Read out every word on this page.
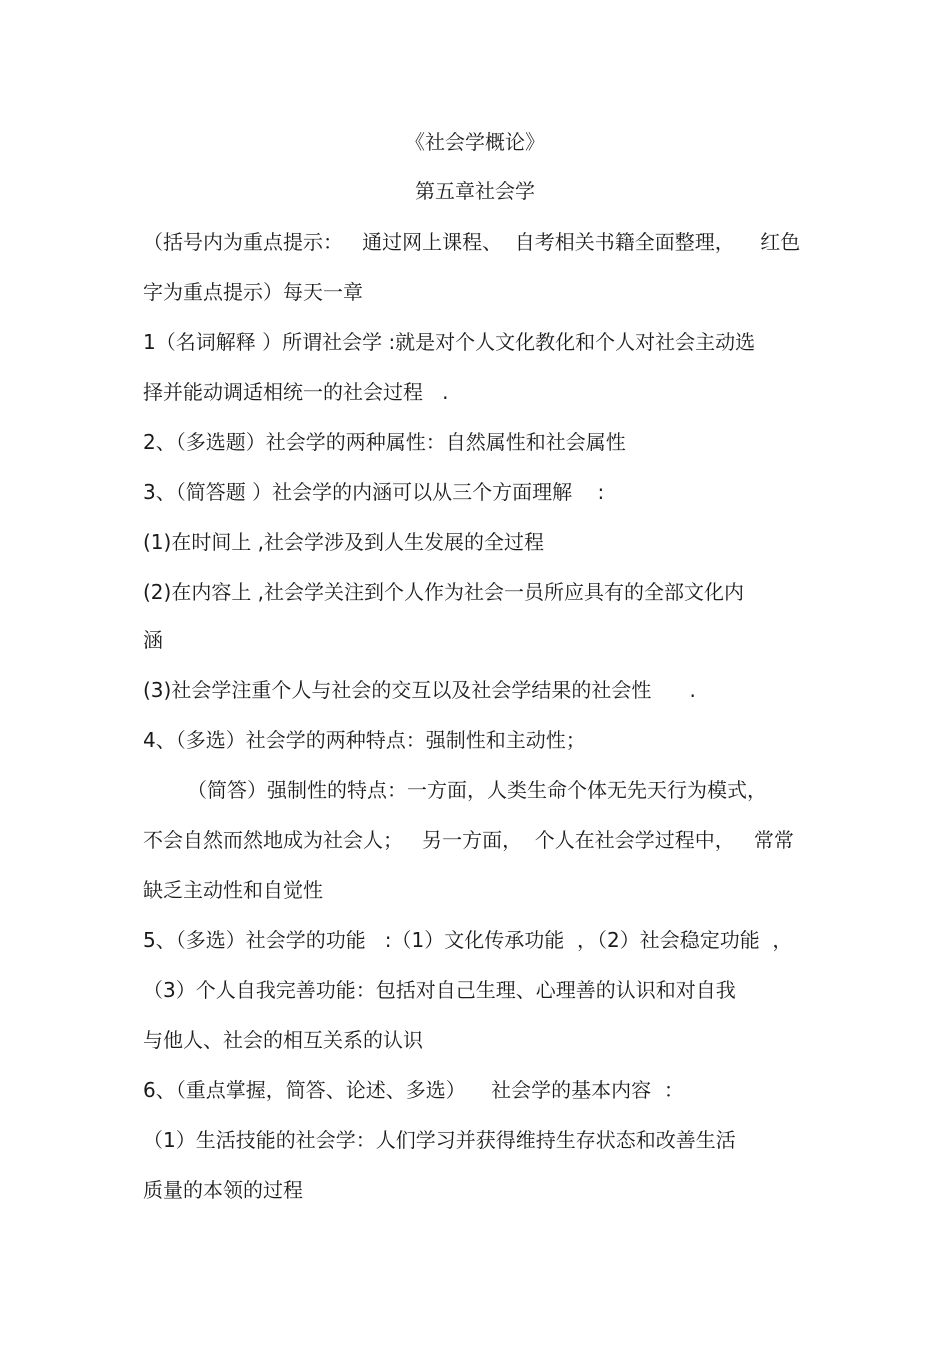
《社会学概论》
第五章社会学
（括号内为重点提示：   通过网上课程、  自考相关书籍全面整理，    红色
字为重点提示）每天一章
1（名词解释 ）所谓社会学 :就是对个人文化教化和个人对社会主动选
择并能动调适相统一的社会过程   .
2、（多选题）社会学的两种属性：自然属性和社会属性
3、（简答题 ）社会学的内涵可以从三个方面理解    :
(1)在时间上 ,社会学涉及到人生发展的全过程
(2)在内容上 ,社会学关注到个人作为社会一员所应具有的全部文化内
涵
(3)社会学注重个人与社会的交互以及社会学结果的社会性      .
4、（多选）社会学的两种特点：强制性和主动性；
（简答）强制性的特点：一方面，人类生命个体无先天行为模式，
不会自然而然地成为社会人；   另一方面，  个人在社会学过程中，   常常
缺乏主动性和自觉性
5、（多选）社会学的功能   :（1）文化传承功能  ，（2）社会稳定功能  ，
（3）个人自我完善功能：包括对自己生理、心理善的认识和对自我
与他人、社会的相互关系的认识
6、（重点掌握，简答、论述、多选）    社会学的基本内容  ：
（1）生活技能的社会学：人们学习并获得维持生存状态和改善生活
质量的本领的过程
